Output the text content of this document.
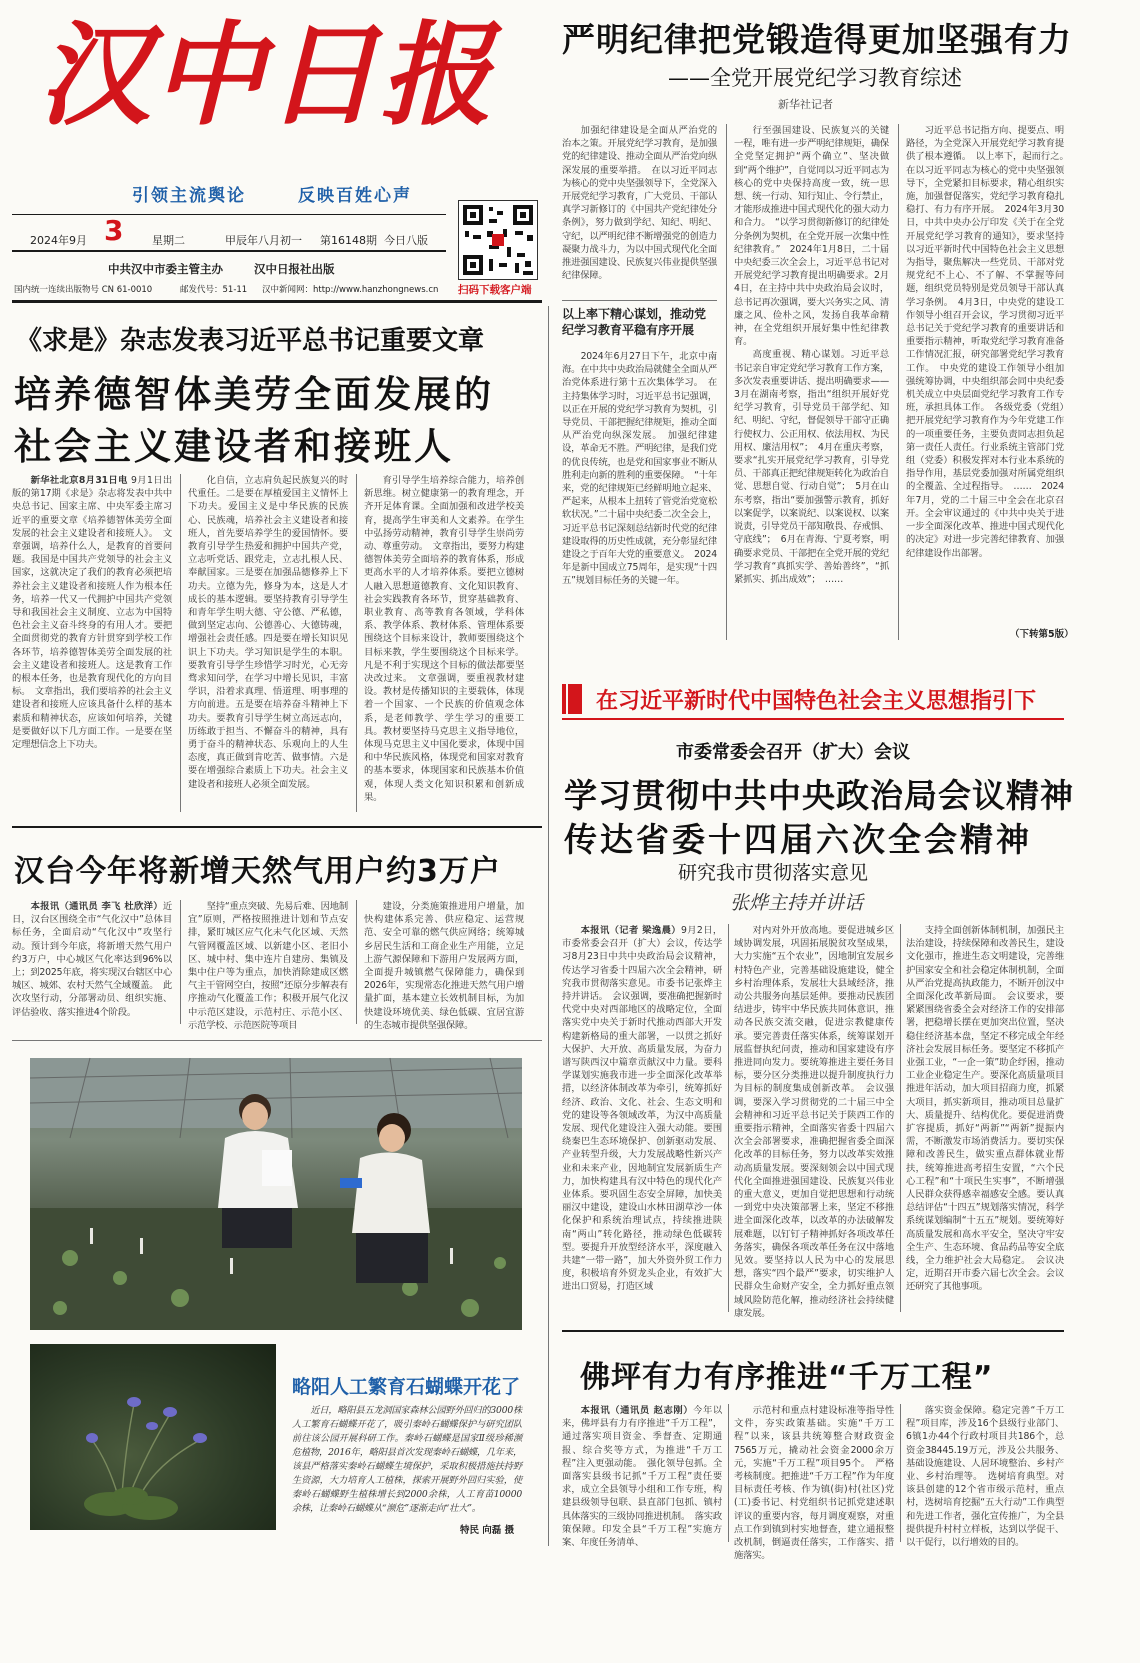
汉中日报
引领主流舆论	反映百姓心声
2024年9月 3	星期二	甲辰年八月初一 第16148期 今日八版
中共汉中市委主管主办	汉中日报社出版
国内统一连续出版物号 CN 61-0010	邮发代号：51-11 汉中新闻网：http://www.hanzhongnews.cn 扫码下载客户端
严明纪律把党锻造得更加坚强有力
——全党开展党纪学习教育综述
新华社记者

加强纪律建设是全面从严治党的治本之策。开展党纪学习教育，是加强党的纪律建设、推动全面从严治党向纵深发展的重要举措。　在以习近平同志为核心的党中央坚强领导下，全党深入开展党纪学习教育，广大党员、干部认真学习新修订的《中国共产党纪律处分条例》，努力做到学纪、知纪、明纪、守纪，以严明纪律不断增强党的创造力凝聚力战斗力，为以中国式现代化全面推进强国建设、民族复兴伟业提供坚强纪律保障。

行至强国建设、民族复兴的关键一程，唯有进一步严明纪律规矩，确保全党坚定拥护“两个确立”、坚决做到“两个维护”，自觉同以习近平同志为核心的党中央保持高度一致，统一思想、统一行动、知行知止、令行禁止，才能形成推进中国式现代化的强大动力和合力。　“以学习贯彻新修订的纪律处分条例为契机，在全党开展一次集中性纪律教育。”　2024年1月8日，二十届中央纪委三次全会上，习近平总书记对开展党纪学习教育提出明确要求。2月4日，在主持中共中央政治局会议时，总书记再次强调，要大兴务实之风、清廉之风、俭朴之风，发扬自我革命精神，在全党组织开展好集中性纪律教育。

高度重视、精心谋划。习近平总书记亲自审定党纪学习教育工作方案，多次发表重要讲话、提出明确要求——　3月在湖南考察，指出“组织开展好党纪学习教育，引导党员干部学纪、知纪、明纪、守纪，督促领导干部守正确行使权力、公正用权、依法用权、为民用权、廉洁用权”；　4月在重庆考察，要求“扎实开展党纪学习教育，引导党员、干部真正把纪律规矩转化为政治自觉、思想自觉、行动自觉”；　5月在山东考察，指出“要加强警示教育，抓好以案促学，以案说纪、以案说权、以案说责，引导党员干部知敬畏、存戒惧、守底线”；　6月在青海、宁夏考察，明确要求党员、干部把在全党开展的党纪学习教育“真抓实学、善始善终”，“抓紧抓实、抓出成效”；　……

习近平总书记指方向、提要点、明路径，为全党深入开展党纪学习教育提供了根本遵循。　以上率下，起而行之。　在以习近平同志为核心的党中央坚强领导下，全党紧扣目标要求，精心组织实施，加强督促落实，党纪学习教育稳扎稳打、有力有序开展。　2024年3月30日，中共中央办公厅印发《关于在全党开展党纪学习教育的通知》，要求坚持以习近平新时代中国特色社会主义思想为指导，聚焦解决一些党员、干部对党规党纪不上心、不了解、不掌握等问题，组织党员特别是党员领导干部认真学习条例。　4月3日，中央党的建设工作领导小组召开会议，学习贯彻习近平总书记关于党纪学习教育的重要讲话和重要指示精神，听取党纪学习教育准备工作情况汇报，研究部署党纪学习教育工作。　中央党的建设工作领导小组加强统筹协调，中央组织部会同中央纪委机关成立中央层面党纪学习教育工作专班，承担具体工作。　各级党委（党组）把开展党纪学习教育作为今年党建工作的一项重要任务，主要负责同志担负起第一责任人责任。行业系统主管部门党组（党委）积极发挥对本行业本系统的指导作用，基层党委加强对所属党组织的全覆盖、全过程指导。　……　2024年7月，党的二十届三中全会在北京召开。全会审议通过的《中共中央关于进一步全面深化改革、推进中国式现代化的决定》对进一步完善纪律教育、加强纪律建设作出部署。

（下转第5版）
以上率下精心谋划，推动党纪学习教育平稳有序开展

2024年6月27日下午，北京中南海。在中共中央政治局就健全全面从严治党体系进行第十五次集体学习。　在主持集体学习时，习近平总书记强调，以正在开展的党纪学习教育为契机，引导党员、干部把握纪律规矩，推动全面从严治党向纵深发展。　加强纪律建设，革命无不胜。严明纪律，是我们党的优良传统，也是党和国家事业不断从胜利走向新的胜利的重要保障。　“十年来，党的纪律规矩已经鲜明地立起来、严起来，从根本上扭转了管党治党宽松软状况。”二十届中央纪委二次全会上，习近平总书记深刻总结新时代党的纪律建设取得的历史性成就，充分彰显纪律建设之于百年大党的重要意义。　2024年是新中国成立75周年，是实现“十四五”规划目标任务的关键一年。

《求是》杂志发表习近平总书记重要文章
培养德智体美劳全面发展的
社会主义建设者和接班人

新华社北京8月31日电 9月1日出版的第17期《求是》杂志将发表中共中央总书记、国家主席、中央军委主席习近平的重要文章《培养德智体美劳全面发展的社会主义建设者和接班人》。　文章强调，培养什么人，是教育的首要问题。我国是中国共产党领导的社会主义国家，这就决定了我们的教育必须把培养社会主义建设者和接班人作为根本任务，培养一代又一代拥护中国共产党领导和我国社会主义制度、立志为中国特色社会主义奋斗终身的有用人才。要把全面贯彻党的教育方针贯穿到学校工作各环节，培养德智体美劳全面发展的社会主义建设者和接班人。这是教育工作的根本任务，也是教育现代化的方向目标。　文章指出，我们要培养的社会主义建设者和接班人应该具备什么样的基本素质和精神状态，应该如何培养，关键是要做好以下几方面工作。一是要在坚定理想信念上下功夫。

化自信，立志肩负起民族复兴的时代重任。二是要在厚植爱国主义情怀上下功夫。爱国主义是中华民族的民族心、民族魂，培养社会主义建设者和接班人，首先要培养学生的爱国情怀。要教育引导学生热爱和拥护中国共产党，立志听党话、跟党走，立志扎根人民、奉献国家。三是要在加强品德修养上下功夫。立德为先，修身为本，这是人才成长的基本逻辑。要坚持教育引导学生和青年学生明大德、守公德、严私德，做到坚定志向、公德善心、大德铸魂，增强社会责任感。四是要在增长知识见识上下功夫。学习知识是学生的本职。要教育引导学生珍惜学习时光，心无旁骛求知问学，在学习中增长见识，丰富学识，沿着求真理、悟道理、明事理的方向前进。五是要在培养奋斗精神上下功夫。要教育引导学生树立高远志向，历练敢于担当、不懈奋斗的精神，具有勇于奋斗的精神状态、乐观向上的人生态度，真正做到肯吃苦、做事情。六是要在增强综合素质上下功夫。社会主义建设者和接班人必须全面发展。

育引导学生培养综合能力，培养创新思维。树立健康第一的教育理念，开齐开足体育课。全面加强和改进学校美育，提高学生审美和人文素养。在学生中弘扬劳动精神，教育引导学生崇尚劳动、尊重劳动。　文章指出，要努力构建德智体美劳全面培养的教育体系，形成更高水平的人才培养体系。要把立德树人融入思想道德教育、文化知识教育、社会实践教育各环节，贯穿基础教育、职业教育、高等教育各领域，学科体系、教学体系、教材体系、管理体系要围绕这个目标来设计，教师要围绕这个目标来教，学生要围绕这个目标来学。凡是不利于实现这个目标的做法都要坚决改过来。　文章强调，要重视教材建设。教材是传播知识的主要载体，体现着一个国家、一个民族的价值观念体系，是老师教学、学生学习的重要工具。教材要坚持马克思主义指导地位，体现马克思主义中国化要求，体现中国和中华民族风格，体现党和国家对教育的基本要求，体现国家和民族基本价值观，体现人类文化知识积累和创新成果。

汉台今年将新增天然气用户约3万户

本报讯（通讯员 李飞 杜欣洋）近日，汉台区围绕全市“气化汉中”总体目标任务，全面启动“气化汉中”攻坚行动。预计到今年底，将新增天然气用户约3万户，中心城区气化率达到96%以上；到2025年底，将实现汉台辖区中心城区、城郊、农村天然气全域覆盖。　此次攻坚行动，分部署动员、组织实施、评估验收、落实推进4个阶段。

坚持“重点突破、先易后难、因地制宜”原则，严格按照推进计划和节点安排，紧盯城区应气化未气化区域、天然气管网覆盖区域、以新建小区、老旧小区、城中村、集中连片自建房、集镇及集中住户等为重点，加快消除建成区燃气主干管网空白，按照“还原分步解表有序推动气化覆盖工作；积极开展气化汉中示范区建设，示范村庄、示范小区、示范学校、示范医院等项目

建设，分类施策推进用户增量，加快构建体系完善、供应稳定、运营规范、安全可靠的燃气供应网络；统筹城乡居民生活和工商企业生产用能，立足上游气源保障和下游用户发展两方面，全面提升城镇燃气保障能力，确保到2026年，实现常态化推进天然气用户增量扩面，基本建立长效机制目标，为加快建设环境优美、绿色低碳、宜居宜游的生态城市提供坚强保障。

略阳人工繁育石蝴蝶开花了

近日，略阳县五龙洞国家森林公园野外回归的3000株人工繁育石蝴蝶开花了，吸引秦岭石蝴蝶保护与研究团队前往该公园开展科研工作。秦岭石蝴蝶是国家Ⅱ级珍稀濒危植物，2016年，略阳县首次发现秦岭石蝴蝶，几年来，该县严格落实秦岭石蝴蝶生境保护，采取积极措施扶持野生资源，大力培育人工植株，探索开展野外回归实验，使秦岭石蝴蝶野生植株增长到2000余株，人工育苗10000余株，让秦岭石蝴蝶从“濒危”逐渐走向“壮大”。

特民 向磊 摄
在习近平新时代中国特色社会主义思想指引下
市委常委会召开（扩大）会议
学习贯彻中共中央政治局会议精神
传达省委十四届六次全会精神
研究我市贯彻落实意见
张烨主持并讲话

本报讯（记者 梁逸晨）9月2日，市委常委会召开（扩大）会议，传达学习8月23日中共中央政治局会议精神，传达学习省委十四届六次全会精神，研究我市贯彻落实意见。市委书记张烨主持并讲话。　会议强调，要准确把握新时代党中央对西部地区的战略定位，全面落实党中央关于新时代推动西部大开发构建新格局的重大部署，一以贯之抓好大保护、大开放、高质量发展，为奋力谱写陕西汉中篇章贡献汉中力量。要科学谋划实施我市进一步全面深化改革举措，以经济体制改革为牵引，统筹抓好经济、政治、文化、社会、生态文明和党的建设等各领域改革，为汉中高质量发展、现代化建设注入强大动能。要围绕秦巴生态环境保护、创新驱动发展、产业转型升级，大力发展战略性新兴产业和未来产业，因地制宜发展新质生产力，加快构建具有汉中特色的现代化产业体系。要巩固生态安全屏障，加快美丽汉中建设，建设山水林田湖草沙一体化保护和系统治理试点，持续推进陕南“两山”转化路径，推动绿色低碳转型。要提升开放型经济水平，深度融入共建“一带一路”，加大外资外贸工作力度，积极培育外贸龙头企业，有效扩大进出口贸易，打造区域

对内对外开放高地。要促进城乡区域协调发展，巩固拓展脱贫攻坚成果，大力实施“五个农业”，因地制宜发展乡村特色产业，完善基础设施建设，健全乡村治理体系，发展壮大县域经济，推动公共服务向基层延伸。要推动民族团结进步，铸牢中华民族共同体意识，推动各民族交流交融，促进宗教健康传承。要完善责任落实体系，统筹谋划开展监督执纪问责，推动和国家建设有序推进同向发力。要统筹推进主要任务目标，要分区分类推进以提升制度执行力为目标的制度集成创新改革。　会议强调，要深入学习贯彻党的二十届三中全会精神和习近平总书记关于陕西工作的重要指示精神，全面落实省委十四届六次全会部署要求，准确把握省委全面深化改革的目标任务，努力以改革实效推动高质量发展。要深刻领会以中国式现代化全面推进强国建设、民族复兴伟业的重大意义，更加自觉把思想和行动统一到党中央决策部署上来，坚定不移推进全面深化改革，以改革的办法破解发展难题，以钉钉子精神抓好各项改革任务落实，确保各项改革任务在汉中落地见效。要坚持以人民为中心的发展思想，落实“四个最严”要求，切实维护人民群众生命财产安全，全力抓好重点领域风险防范化解，推动经济社会持续健康发展。

支持全面创新体制机制，加强民主法治建设，持续保障和改善民生，建设文化强市，推进生态文明建设，完善维护国家安全和社会稳定体制机制，全面从严治党提高执政能力，不断开创汉中全面深化改革新局面。　会议要求，要紧紧围绕省委全会对经济工作的安排部署，把稳增长摆在更加突出位置，坚决稳住经济基本盘，坚定不移完成全年经济社会发展目标任务。要坚定不移抓产业强工业，“一企一策”助企纾困，推动工业企业稳定生产。要深化高质量项目推进年活动，加大项目招商力度，抓紧大项目，抓实新项目，推动项目总量扩大、质量提升、结构优化。要促进消费扩容提质，抓好“两新”“两新”提振内需，不断激发市场消费活力。要切实保障和改善民生，做实重点群体就业帮扶，统筹推进高考招生安置，“六个民心工程”和“十项民生实事”，不断增强人民群众获得感幸福感安全感。要认真总结评估“十四五”规划落实情况，科学系统谋划编制“十五五”规划。要统筹好高质量发展和高水平安全，坚决守牢安全生产、生态环境、食品药品等安全底线，全力维护社会大局稳定。　会议决定，近期召开市委六届七次全会。会议还研究了其他事项。

佛坪有力有序推进“千万工程”

本报讯（通讯员 赵志刚）今年以来，佛坪县有力有序推进“千万工程”，通过落实项目资金、季督查、定期通报、综合奖等方式，为推进“千万工程”注入更强动能。　强化领导包抓。全面落实县级书记抓“千万工程”责任要求，成立全县领导小组和工作专班，构建县级领导包联、县直部门包抓、镇村具体落实的三级协同推进机制。　落实政策保障。印发全县“千万工程”实施方案、年度任务清单、

示范村和重点村建设标准等指导性文件，夯实政策基础。实施“千万工程”以来，该县共统筹整合财政资金7565万元，撬动社会资金2000余万元，实施“千万工程”项目95个。　严格考核制度。把推进“千万工程”作为年度目标责任考核、作为镇(街)村(社区)党(工)委书记、村党组织书记抓党建述职评议的重要内容，每月调度观察，对重点工作到镇到村实地督查，建立通报整改机制，倒逼责任落实，工作落实、措施落实。

落实资金保障。稳定完善“千万工程”项目库，涉及16个县级行业部门、6镇1办44个行政村项目共186个，总资金38445.19万元，涉及公共服务、基础设施建设、人居环境整治、乡村产业、乡村治理等。　选树培育典型。对该县创建的12个省市级示范村，重点村，选树培育挖掘“五大行动”工作典型和先进工作者，强化宣传推广，为全县提供提升村村立样板，达到以学促干、以干促行，以行增效的目的。
